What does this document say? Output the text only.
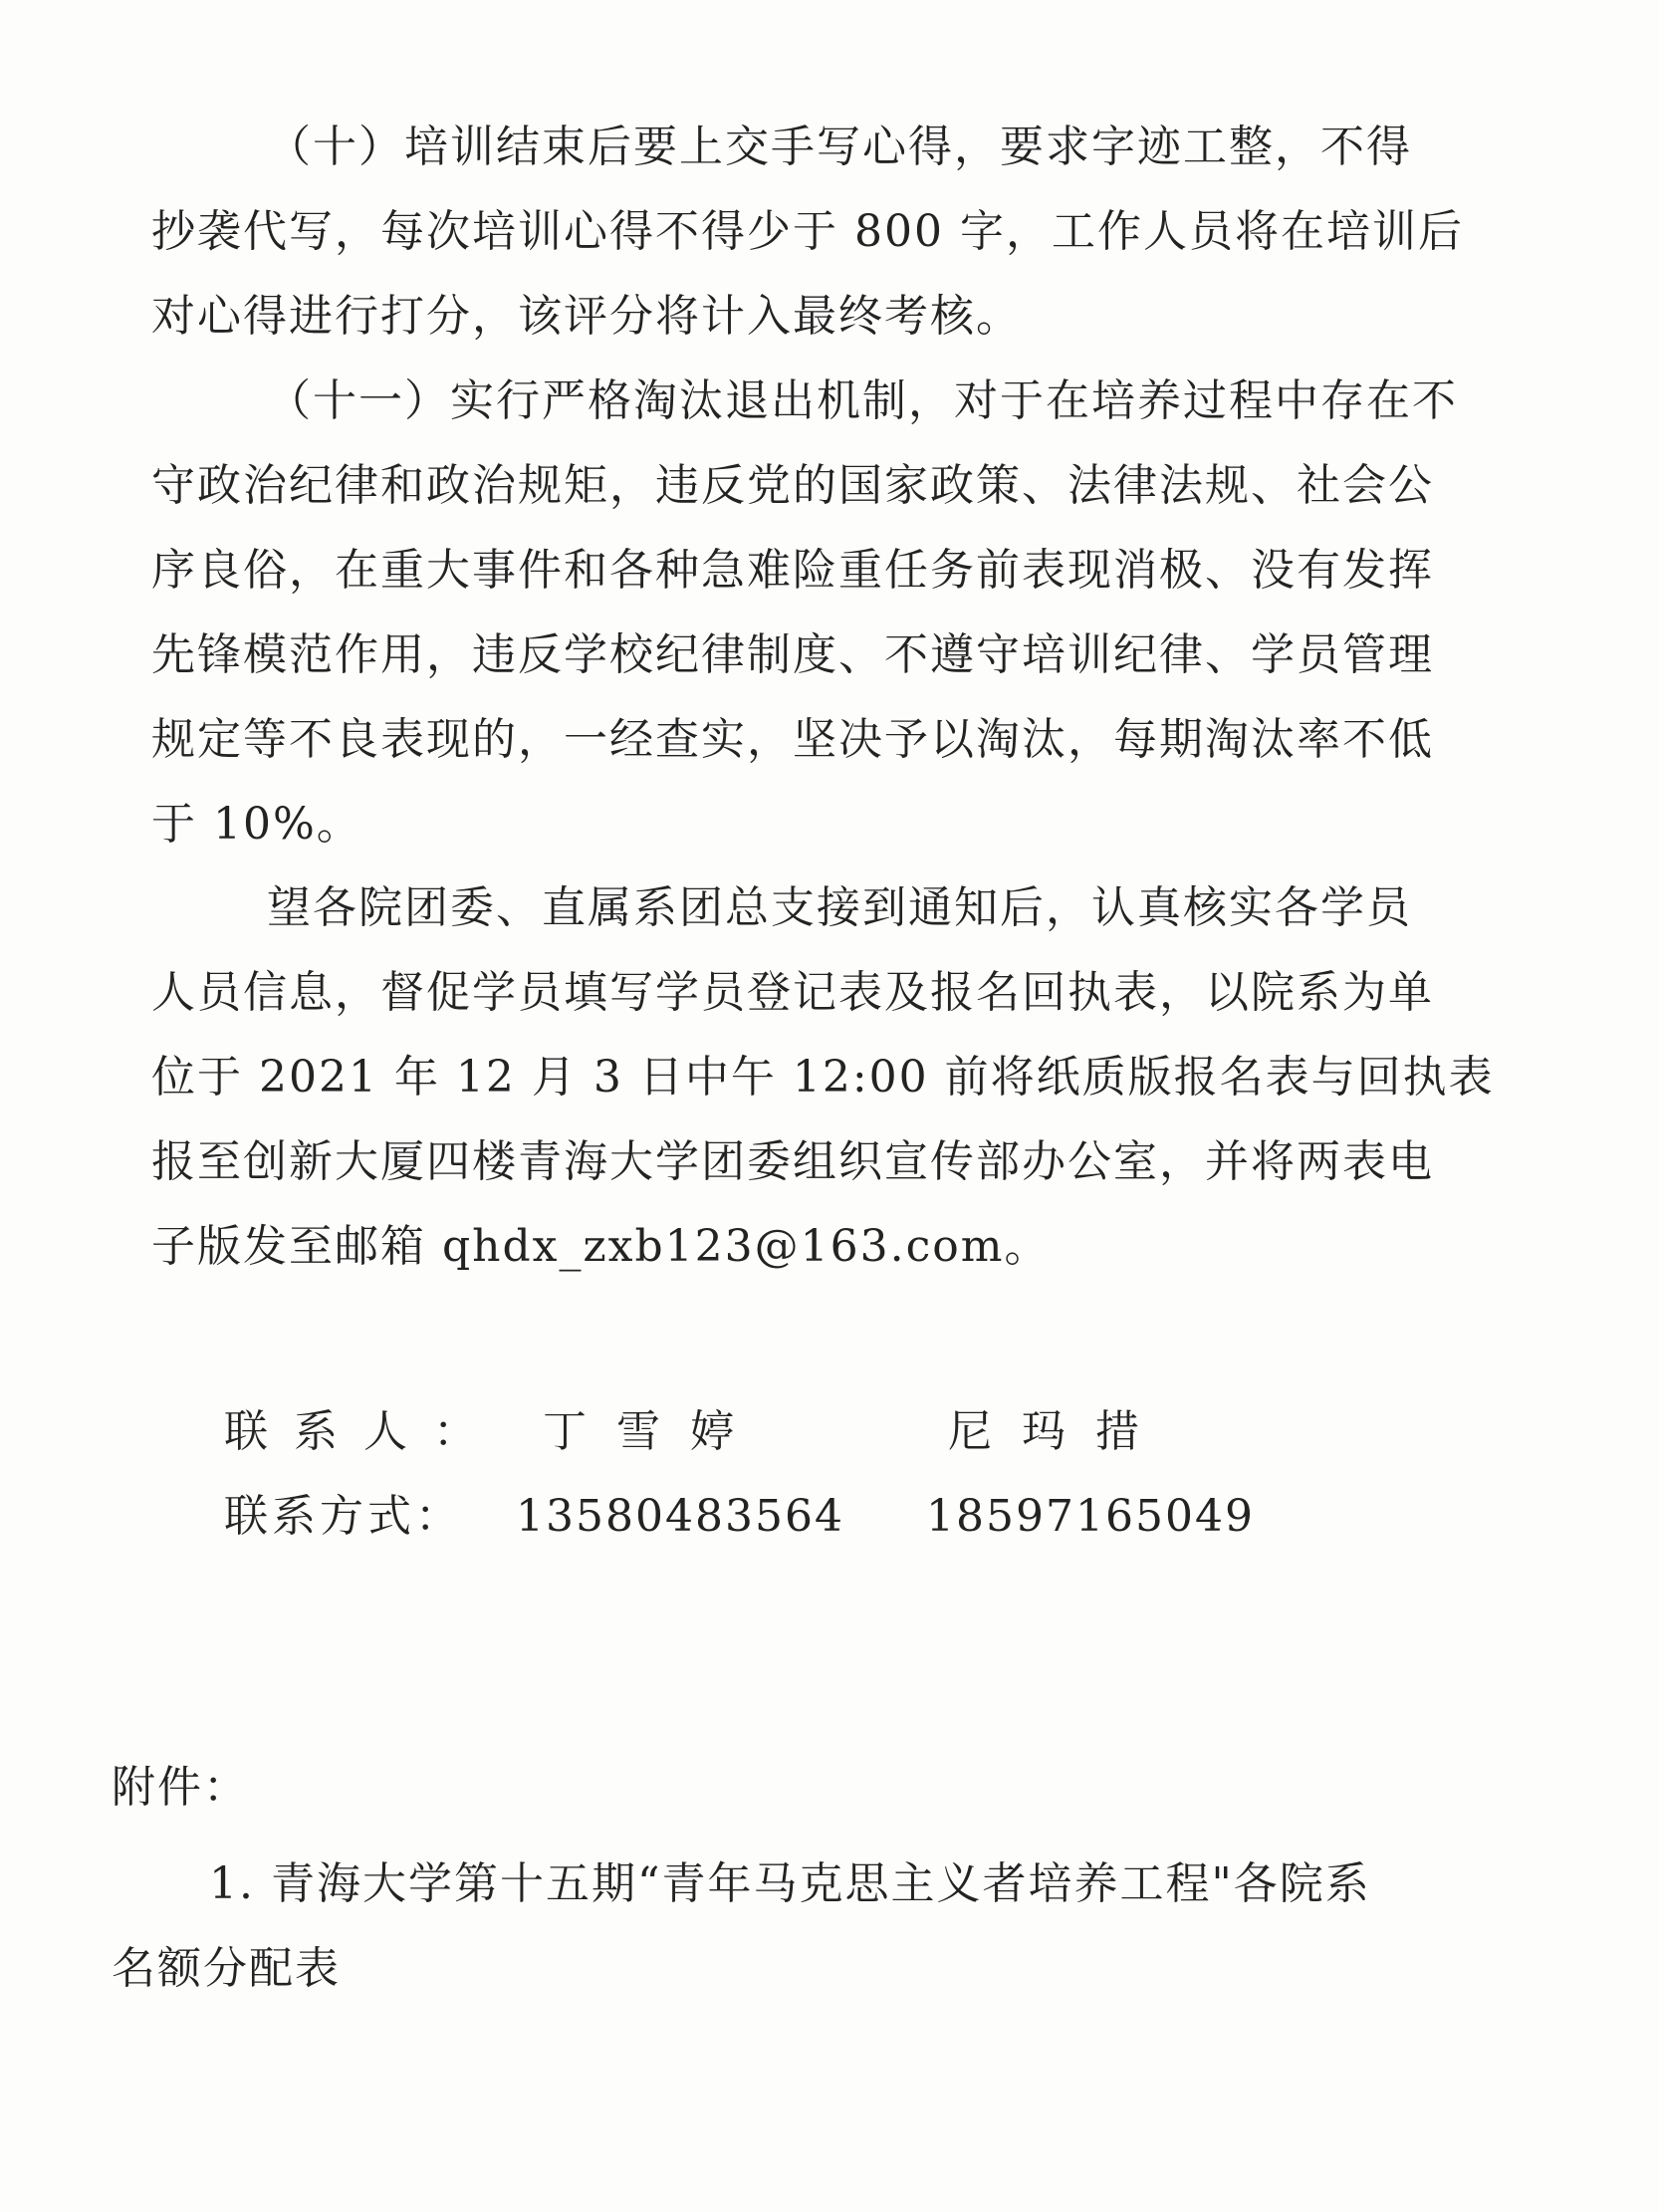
（十）培训结束后要上交手写心得，要求字迹工整，不得
抄袭代写，每次培训心得不得少于 800 字，工作人员将在培训后
对心得进行打分，该评分将计入最终考核。
（十一）实行严格淘汰退出机制，对于在培养过程中存在不
守政治纪律和政治规矩，违反党的国家政策、法律法规、社会公
序良俗，在重大事件和各种急难险重任务前表现消极、没有发挥
先锋模范作用，违反学校纪律制度、不遵守培训纪律、学员管理
规定等不良表现的，一经查实，坚决予以淘汰，每期淘汰率不低
于 10%。
望各院团委、直属系团总支接到通知后，认真核实各学员
人员信息，督促学员填写学员登记表及报名回执表，以院系为单
位于 2021 年 12 月 3 日中午 12:00 前将纸质版报名表与回执表
报至创新大厦四楼青海大学团委组织宣传部办公室，并将两表电
子版发至邮箱 qhdx_zxb123@163.com。
联系人： 丁雪婷	尼玛措
联系方式： 13580483564 18597165049
附件：
1. 青海大学第十五期“青年马克思主义者培养工程"各院系
名额分配表
